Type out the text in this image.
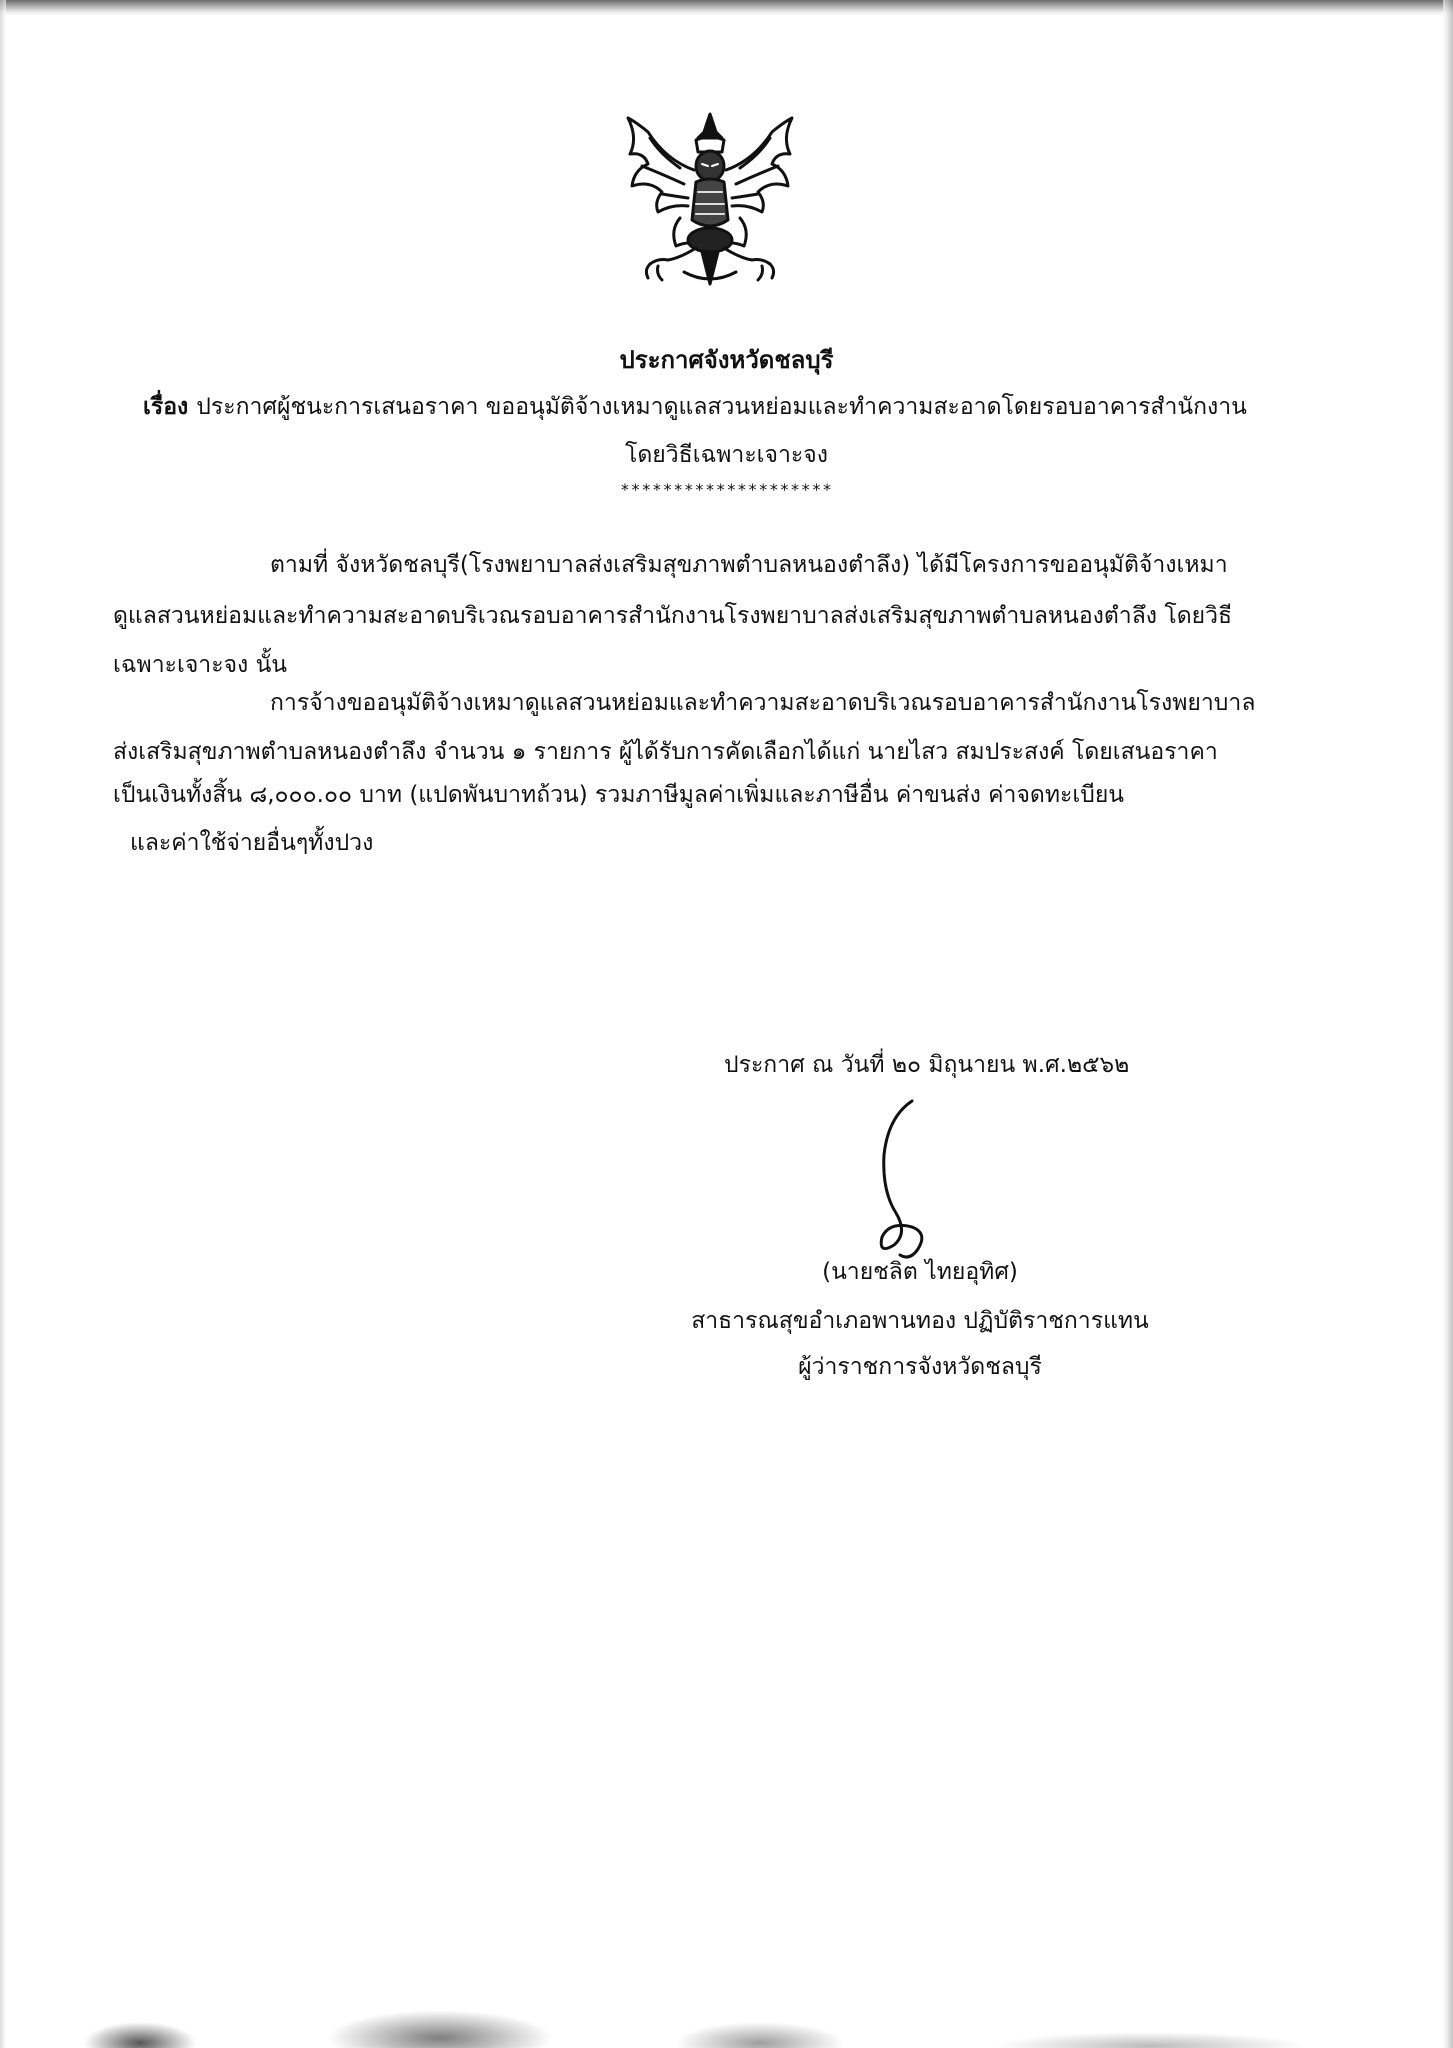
ประกาศจังหวัดชลบุรี
เรื่อง ประกาศผู้ชนะการเสนอราคา ขออนุมัติจ้างเหมาดูแลสวนหย่อมและทำความสะอาดโดยรอบอาคารสำนักงาน
โดยวิธีเฉพาะเจาะจง
********************
ตามที่ จังหวัดชลบุรี(โรงพยาบาลส่งเสริมสุขภาพตำบลหนองตำลึง) ได้มีโครงการขออนุมัติจ้างเหมา
ดูแลสวนหย่อมและทำความสะอาดบริเวณรอบอาคารสำนักงานโรงพยาบาลส่งเสริมสุขภาพตำบลหนองตำลึง โดยวิธี
เฉพาะเจาะจง นั้น
การจ้างขออนุมัติจ้างเหมาดูแลสวนหย่อมและทำความสะอาดบริเวณรอบอาคารสำนักงานโรงพยาบาล
ส่งเสริมสุขภาพตำบลหนองตำลึง จำนวน ๑ รายการ ผู้ได้รับการคัดเลือกได้แก่ นายไสว สมประสงค์ โดยเสนอราคา
เป็นเงินทั้งสิ้น ๘,๐๐๐.๐๐ บาท (แปดพันบาทถ้วน) รวมภาษีมูลค่าเพิ่มและภาษีอื่น ค่าขนส่ง ค่าจดทะเบียน
และค่าใช้จ่ายอื่นๆทั้งปวง
ประกาศ ณ วันที่ ๒๐ มิถุนายน พ.ศ.๒๕๖๒
(นายชลิต ไทยอุทิศ)
สาธารณสุขอำเภอพานทอง ปฏิบัติราชการแทน
ผู้ว่าราชการจังหวัดชลบุรี
